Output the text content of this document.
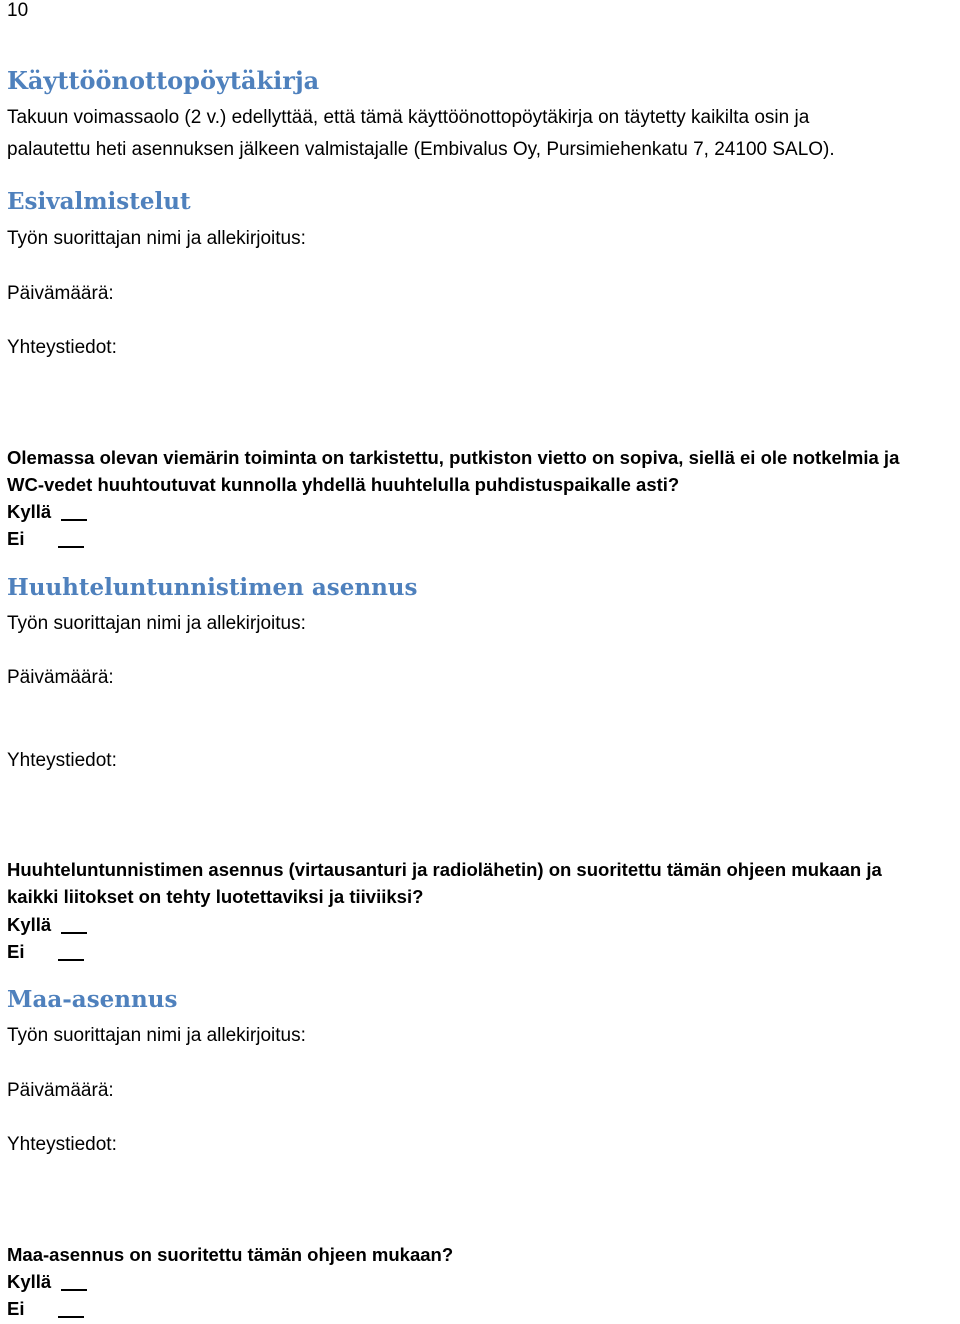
10
Käyttöönottopöytäkirja
Takuun voimassaolo (2 v.) edellyttää, että tämä käyttöönottopöytäkirja on täytetty kaikilta osin ja
palautettu heti asennuksen jälkeen valmistajalle (Embivalus Oy, Pursimiehenkatu 7, 24100 SALO).
Esivalmistelut
Työn suorittajan nimi ja allekirjoitus:
Päivämäärä:
Yhteystiedot:
Olemassa olevan viemärin toiminta on tarkistettu, putkiston vietto on sopiva, siellä ei ole notkelmia ja
WC-vedet huuhtoutuvat kunnolla yhdellä huuhtelulla puhdistuspaikalle asti?
Kyllä
Ei
Huuhteluntunnistimen asennus
Työn suorittajan nimi ja allekirjoitus:
Päivämäärä:
Yhteystiedot:
Huuhteluntunnistimen asennus (virtausanturi ja radiolähetin) on suoritettu tämän ohjeen mukaan ja
kaikki liitokset on tehty luotettaviksi ja tiiviiksi?
Kyllä
Ei
Maa-asennus
Työn suorittajan nimi ja allekirjoitus:
Päivämäärä:
Yhteystiedot:
Maa-asennus on suoritettu tämän ohjeen mukaan?
Kyllä
Ei
